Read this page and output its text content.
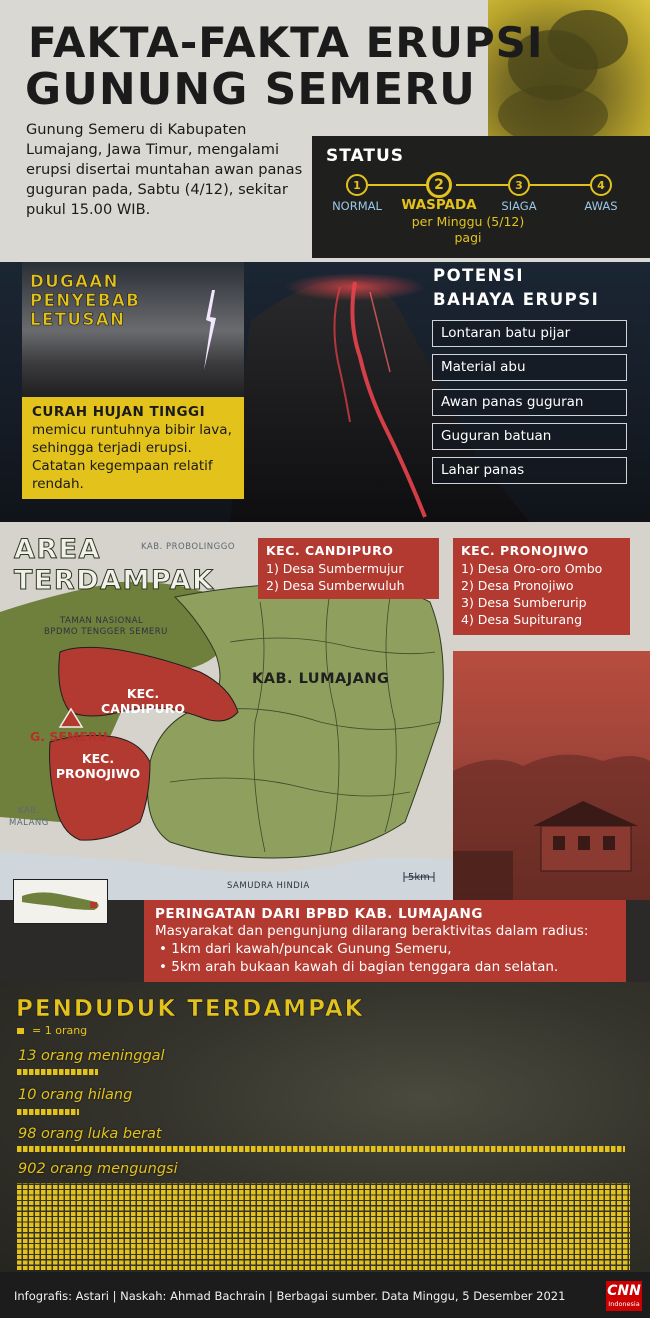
FAKTA-FAKTA ERUPSI
GUNUNG SEMERU
Gunung Semeru di Kabupaten Lumajang, Jawa Timur, mengalami erupsi disertai muntahan awan panas guguran pada, Sabtu (4/12), sekitar pukul 15.00 WIB.
STATUS
1	2	3	4
NORMAL	WASPADA	SIAGA	AWAS
per Minggu (5/12) pagi
DUGAAN
PENYEBAB
LETUSAN
CURAH HUJAN TINGGI
memicu runtuhnya bibir lava, sehingga terjadi erupsi. Catatan kegempaan relatif rendah.
POTENSI
BAHAYA ERUPSI
Lontaran batu pijar
Material abu
Awan panas guguran
Guguran batuan
Lahar panas
AREA
TERDAMPAK
KAB. PROBOLINGGO
TAMAN NASIONAL
BPDMO TENGGER SEMERU
KAB. LUMAJANG
KEC.
CANDIPURO
G. SEMERU
KEC.
PRONOJIWO
KAB.
MALANG
SAMUDRA HINDIA
5km
KEC. CANDIPURO
1) Desa Sumbermujur
2) Desa Sumberwuluh
KEC. PRONOJIWO
1) Desa Oro-oro Ombo
2) Desa Pronojiwo
3) Desa Sumberurip
4) Desa Supiturang
PERINGATAN DARI BPBD KAB. LUMAJANG
Masyarakat dan pengunjung dilarang beraktivitas dalam radius:
• 1km dari kawah/puncak Gunung Semeru,
• 5km arah bukaan kawah di bagian tenggara dan selatan.
PENDUDUK TERDAMPAK
= 1 orang
13 orang meninggal
10 orang hilang
98 orang luka berat
902 orang mengungsi
Infografis: Astari | Naskah: Ahmad Bachrain | Berbagai sumber. Data Minggu, 5 Desember 2021	CNN
Indonesia
